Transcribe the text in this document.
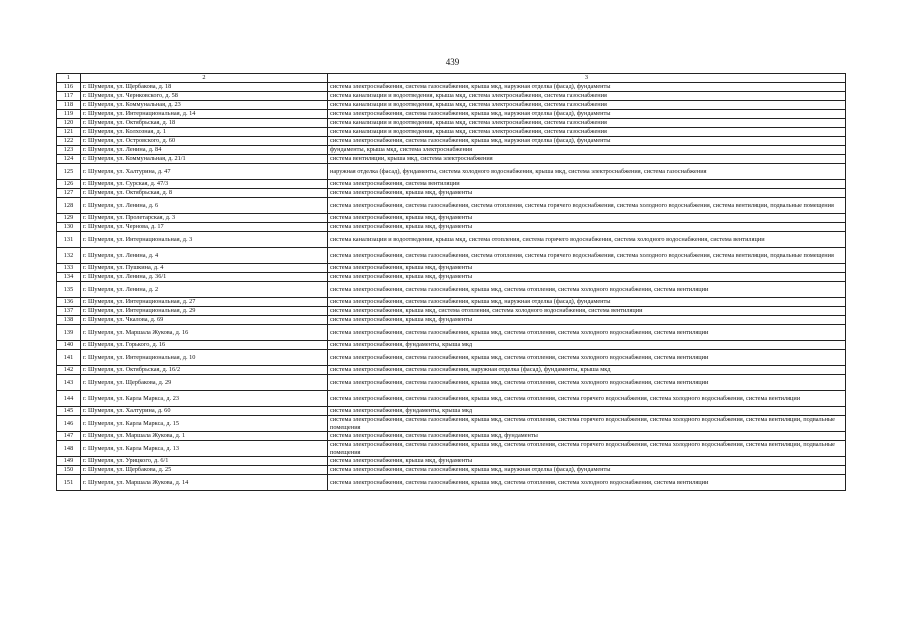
439
1	2	3
116	г. Шумерля, ул. Щербакова, д. 18	система электроснабжения, система газоснабжения, крыша мкд, наружная отделка (фасад), фундаменты
117	г. Шумерля, ул. Чернковского, д. 58	система канализации и водоотведения, крыша мкд, система электроснабжения, система газоснабжения
118	г. Шумерля, ул. Коммунальная, д. 23	система канализации и водоотведения, крыша мкд, система электроснабжения, система газоснабжения
119	г. Шумерля, ул. Интернациональная, д. 14	система электроснабжения, система газоснабжения, крыша мкд, наружная отделка (фасад), фундаменты
120	г. Шумерля, ул. Октябрьская, д. 18	система канализации и водоотведения, крыша мкд, система электроснабжения, система газоснабжения
121	г. Шумерля, ул. Колхозная, д. 1	система канализации и водоотведения, крыша мкд, система электроснабжения, система газоснабжения
122	г. Шумерля, ул. Островского, д. 60	система электроснабжения, система газоснабжения, крыша мкд, наружная отделка (фасад), фундаменты
123	г. Шумерля, ул. Ленина, д. 84	фундаменты, крыша мкд, система электроснабжения
124	г. Шумерля, ул. Коммунальная, д. 21/1	система вентиляции, крыша мкд, система электроснабжения
125	г. Шумерля, ул. Халтурина, д. 47	наружная отделка (фасад), фундаменты, система холодного водоснабжения, крыша мкд, система электроснабжения, система газоснабжения
126	г. Шумерля, ул. Сурская, д. 47/3	система электроснабжения, система вентиляции
127	г. Шумерля, ул. Октябрьская, д. 8	система электроснабжения, крыша мкд, фундаменты
128	г. Шумерля, ул. Ленина, д. 6	система электроснабжения, система газоснабжения, система отопления, система горячего водоснабжения, система холодного водоснабжения, система вентиляции, подвальные помещения
129	г. Шумерля, ул. Пролетарская, д. 3	система электроснабжения, крыша мкд, фундаменты
130	г. Шумерля, ул. Чернова, д. 17	система электроснабжения, крыша мкд, фундаменты
131	г. Шумерля, ул. Интернациональная, д. 3	система канализации и водоотведения, крыша мкд, система отопления, система горячего водоснабжения, система холодного водоснабжения, система вентиляции
132	г. Шумерля, ул. Ленина, д. 4	система электроснабжения, система газоснабжения, система отопления, система горячего водоснабжения, система холодного водоснабжения, система вентиляции, подвальные помещения
133	г. Шумерля, ул. Пушкина, д. 4	система электроснабжения, крыша мкд, фундаменты
134	г. Шумерля, ул. Ленина, д. 36/1	система электроснабжения, крыша мкд, фундаменты
135	г. Шумерля, ул. Ленина, д. 2	система электроснабжения, система газоснабжения, крыша мкд, система отопления, система холодного водоснабжения, система вентиляции
136	г. Шумерля, ул. Интернациональная, д. 27	система электроснабжения, система газоснабжения, крыша мкд, наружная отделка (фасад), фундаменты
137	г. Шумерля, ул. Интернациональная, д. 29	система электроснабжения, крыша мкд, система отопления, система холодного водоснабжения, система вентиляции
138	г. Шумерля, ул. Чкалова, д. 69	система электроснабжения, крыша мкд, фундаменты
139	г. Шумерля, ул. Маршала Жукова, д. 16	система электроснабжения, система газоснабжения, крыша мкд, система отопления, система холодного водоснабжения, система вентиляции
140	г. Шумерля, ул. Горького, д. 16	система электроснабжения, фундаменты, крыша мкд
141	г. Шумерля, ул. Интернациональная, д. 10	система электроснабжения, система газоснабжения, крыша мкд, система отопления, система холодного водоснабжения, система вентиляции
142	г. Шумерля, ул. Октябрьская, д. 16/2	система электроснабжения, система газоснабжения, наружная отделка (фасад), фундаменты, крыша мкд
143	г. Шумерля, ул. Щербакова, д. 29	система электроснабжения, система газоснабжения, крыша мкд, система отопления, система холодного водоснабжения, система вентиляции
144	г. Шумерля, ул. Карла Маркса, д. 23	система электроснабжения, система газоснабжения, крыша мкд, система отопления, система горячего водоснабжения, система холодного водоснабжения, система вентиляции
145	г. Шумерля, ул. Халтурина, д. 60	система электроснабжения, фундаменты, крыша мкд
146	г. Шумерля, ул. Карла Маркса, д. 15	система электроснабжения, система газоснабжения, крыша мкд, система отопления, система горячего водоснабжения, система холодного водоснабжения, система вентиляции, подвальные помещения
147	г. Шумерля, ул. Маршала Жукова, д. 1	система электроснабжения, система газоснабжения, крыша мкд, фундаменты
148	г. Шумерля, ул. Карла Маркса, д. 13	система электроснабжения, система газоснабжения, крыша мкд, система отопления, система горячего водоснабжения, система холодного водоснабжения, система вентиляции, подвальные помещения
149	г. Шумерля, ул. Урицкого, д. 6/1	система электроснабжения, крыша мкд, фундаменты
150	г. Шумерля, ул. Щербакова, д. 25	система электроснабжения, система газоснабжения, крыша мкд, наружная отделка (фасад), фундаменты
151	г. Шумерля, ул. Маршала Жукова, д. 14	система электроснабжения, система газоснабжения, крыша мкд, система отопления, система холодного водоснабжения, система вентиляции
